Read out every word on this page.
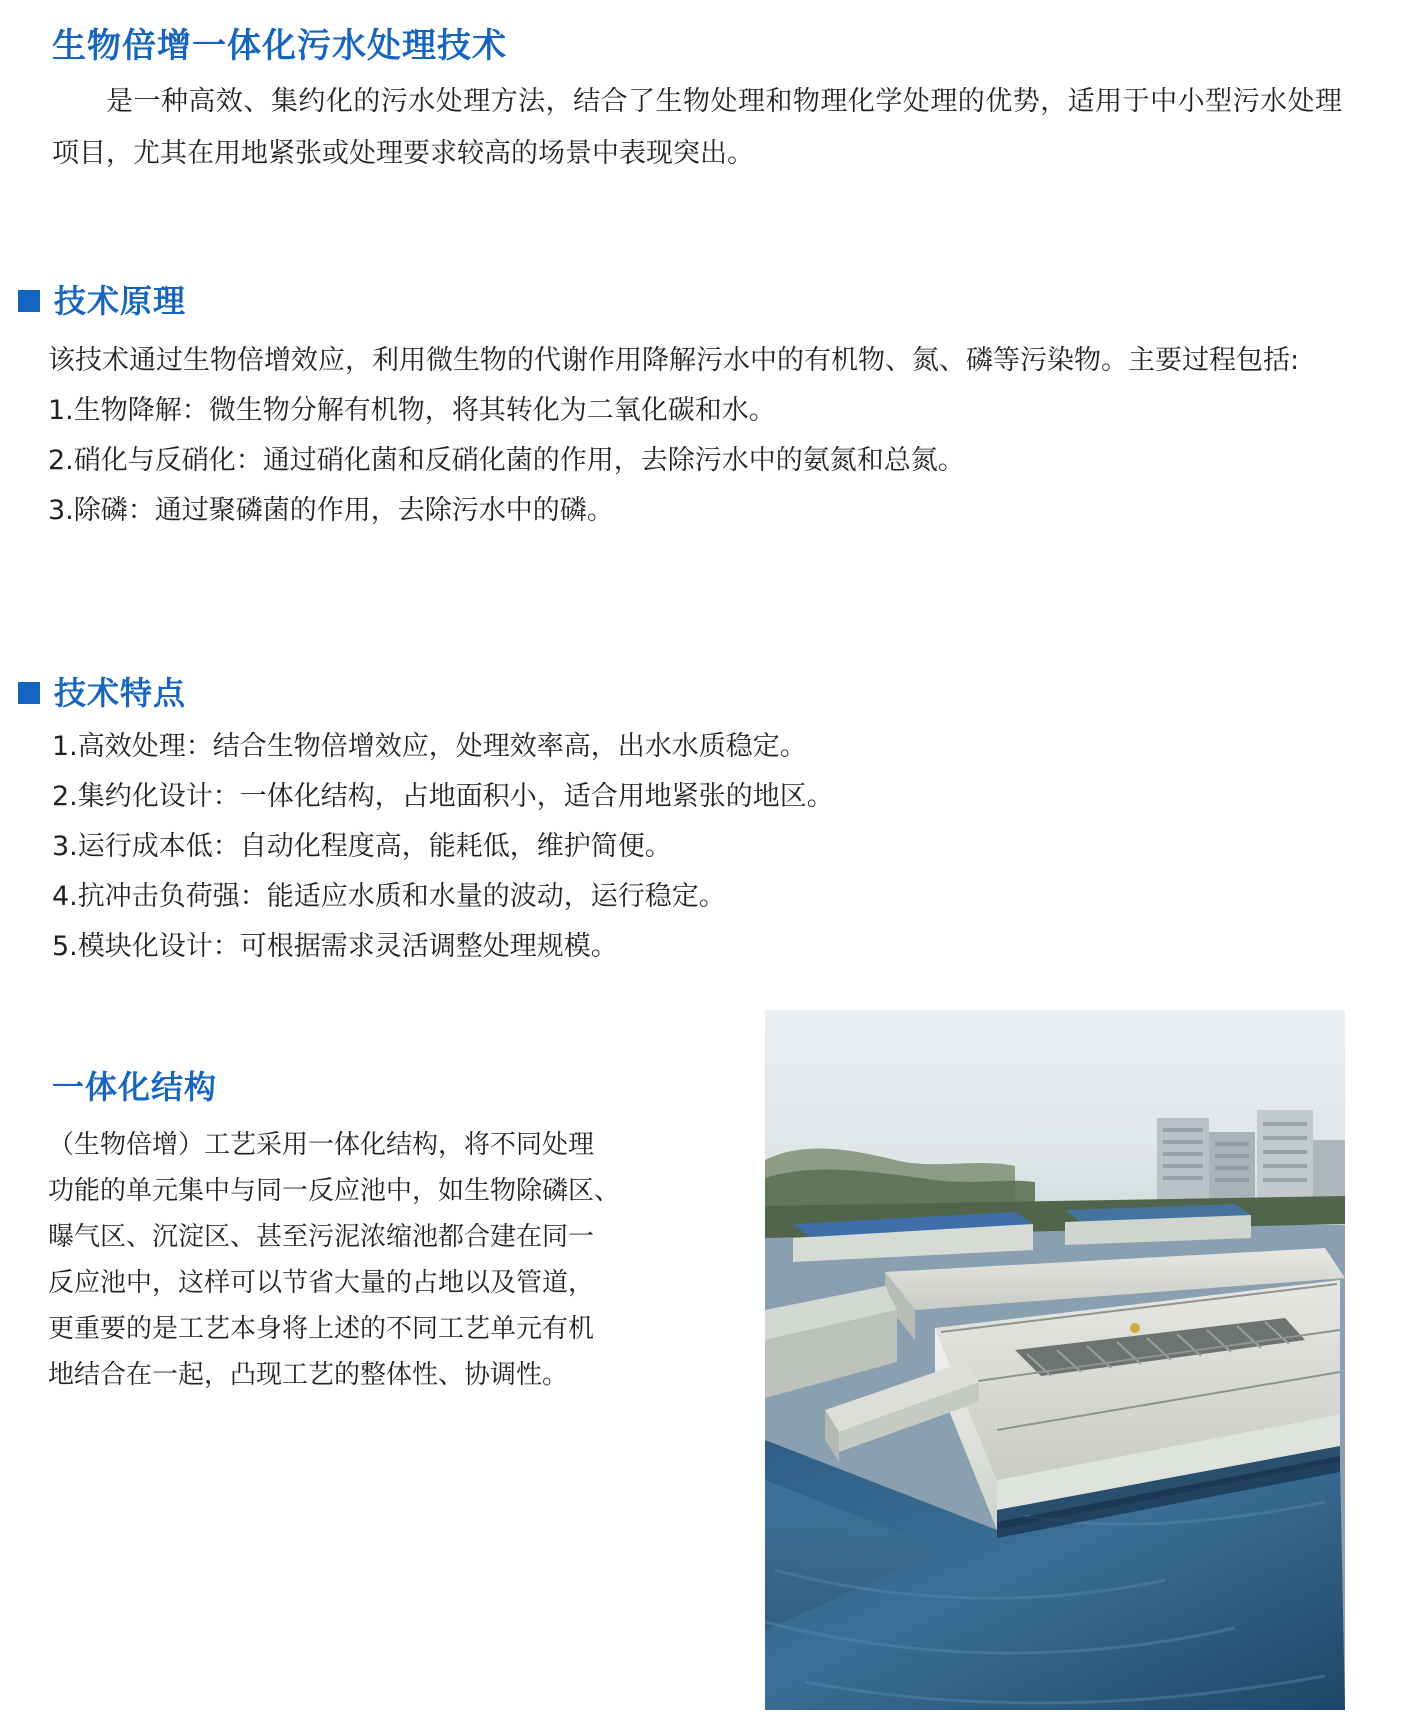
生物倍增一体化污水处理技术
是一种高效、集约化的污水处理方法，结合了生物处理和物理化学处理的优势，适用于中小型污水处理项目，尤其在用地紧张或处理要求较高的场景中表现突出。
技术原理

该技术通过生物倍增效应，利用微生物的代谢作用降解污水中的有机物、氮、磷等污染物。主要过程包括:

1.生物降解：微生物分解有机物，将其转化为二氧化碳和水。

2.硝化与反硝化：通过硝化菌和反硝化菌的作用，去除污水中的氨氮和总氮。

3.除磷：通过聚磷菌的作用，去除污水中的磷。

技术特点

1.高效处理：结合生物倍增效应，处理效率高，出水水质稳定。

2.集约化设计：一体化结构，占地面积小，适合用地紧张的地区。

3.运行成本低：自动化程度高，能耗低，维护简便。

4.抗冲击负荷强：能适应水质和水量的波动，运行稳定。

5.模块化设计：可根据需求灵活调整处理规模。

一体化结构

（生物倍增）工艺采用一体化结构，将不同处理

功能的单元集中与同一反应池中，如生物除磷区、

曝气区、沉淀区、甚至污泥浓缩池都合建在同一

反应池中，这样可以节省大量的占地以及管道，

更重要的是工艺本身将上述的不同工艺单元有机

地结合在一起，凸现工艺的整体性、协调性。
